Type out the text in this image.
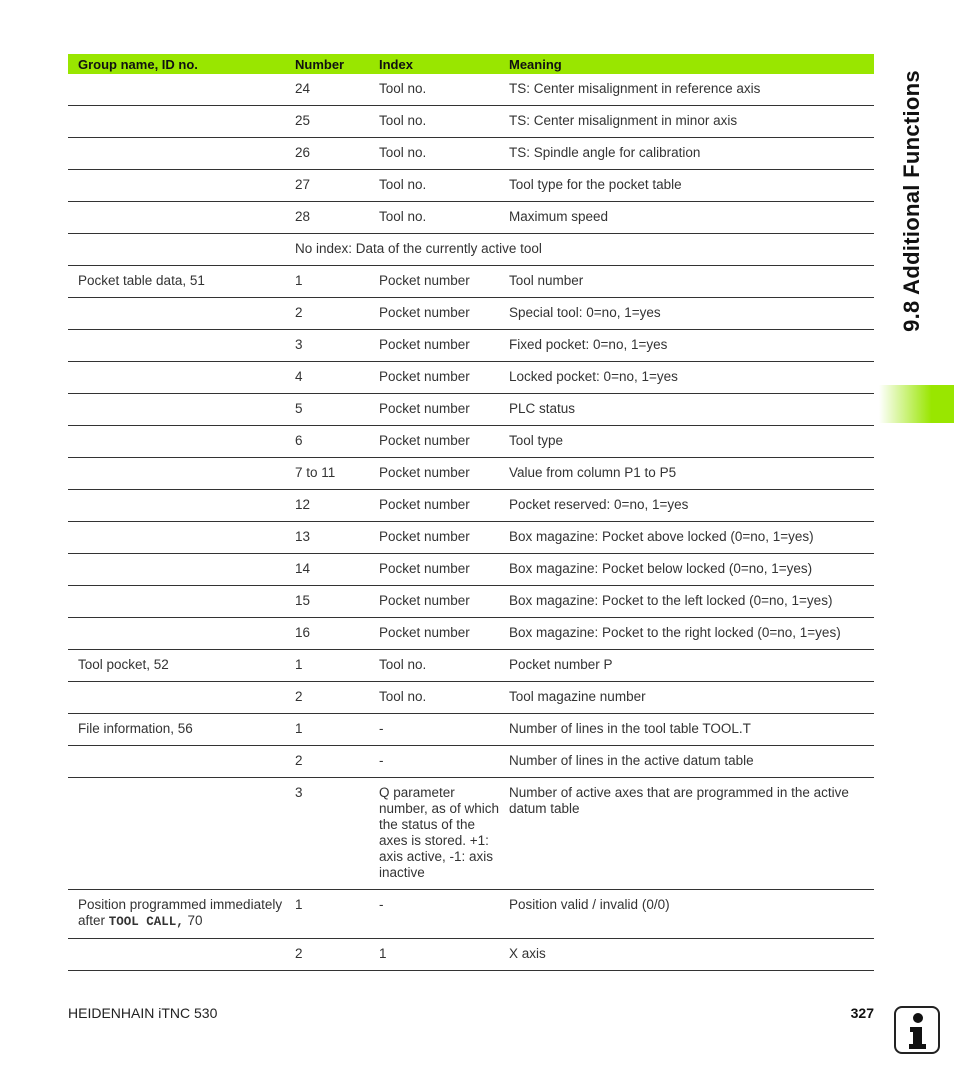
9.8 Additional Functions
Group name, ID no.	Number	Index	Meaning
	24	Tool no.	TS: Center misalignment in reference axis
	25	Tool no.	TS: Center misalignment in minor axis
	26	Tool no.	TS: Spindle angle for calibration
	27	Tool no.	Tool type for the pocket table
	28	Tool no.	Maximum speed
	No index: Data of the currently active tool		
Pocket table data, 51	1	Pocket number	Tool number
	2	Pocket number	Special tool: 0=no, 1=yes
	3	Pocket number	Fixed pocket: 0=no, 1=yes
	4	Pocket number	Locked pocket: 0=no, 1=yes
	5	Pocket number	PLC status
	6	Pocket number	Tool type
	7 to 11	Pocket number	Value from column P1 to P5
	12	Pocket number	Pocket reserved: 0=no, 1=yes
	13	Pocket number	Box magazine: Pocket above locked (0=no, 1=yes)
	14	Pocket number	Box magazine: Pocket below locked (0=no, 1=yes)
	15	Pocket number	Box magazine: Pocket to the left locked (0=no, 1=yes)
	16	Pocket number	Box magazine: Pocket to the right locked (0=no, 1=yes)
Tool pocket, 52	1	Tool no.	Pocket number P
	2	Tool no.	Tool magazine number
File information, 56	1	-	Number of lines in the tool table TOOL.T
	2	-	Number of lines in the active datum table
	3	Q parameter number, as of which the status of the axes is stored. +1: axis active, -1: axis inactive	Number of active axes that are programmed in the active datum table
Position programmed immediately after TOOL CALL, 70	1	-	Position valid / invalid (0/0)
	2	1	X axis
HEIDENHAIN iTNC 530	327
